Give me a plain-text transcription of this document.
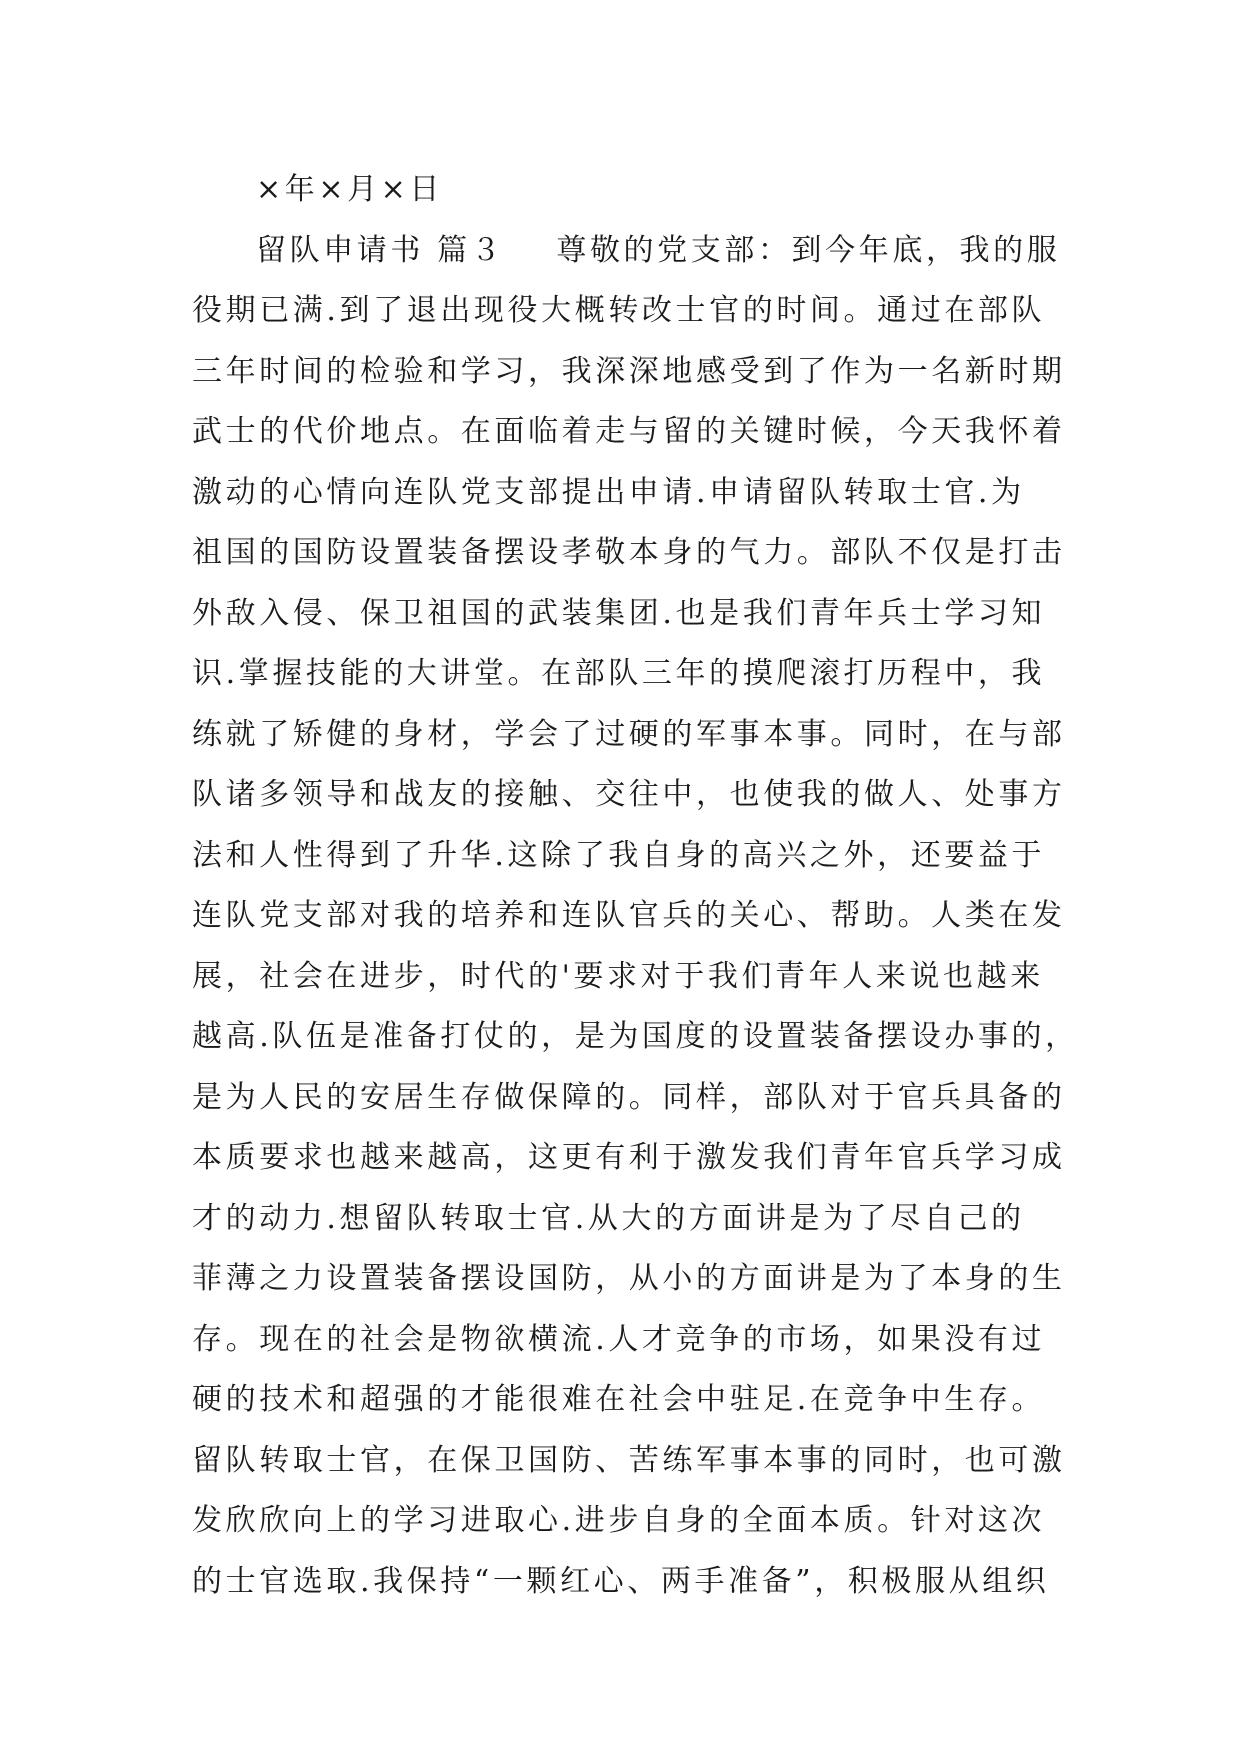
×年×月×日
留队申请书 篇３ 尊敬的党支部：到今年底，我的服
役期已满.到了退出现役大概转改士官的时间。通过在部队
三年时间的检验和学习，我深深地感受到了作为一名新时期
武士的代价地点。在面临着走与留的关键时候，今天我怀着
激动的心情向连队党支部提出申请.申请留队转取士官.为
祖国的国防设置装备摆设孝敬本身的气力。部队不仅是打击
外敌入侵、保卫祖国的武装集团.也是我们青年兵士学习知
识.掌握技能的大讲堂。在部队三年的摸爬滚打历程中，我
练就了矫健的身材，学会了过硬的军事本事。同时，在与部
队诸多领导和战友的接触、交往中，也使我的做人、处事方
法和人性得到了升华.这除了我自身的高兴之外，还要益于
连队党支部对我的培养和连队官兵的关心、帮助。人类在发
展，社会在进步，时代的'要求对于我们青年人来说也越来
越高.队伍是准备打仗的，是为国度的设置装备摆设办事的，
是为人民的安居生存做保障的。同样，部队对于官兵具备的
本质要求也越来越高，这更有利于激发我们青年官兵学习成
才的动力.想留队转取士官.从大的方面讲是为了尽自己的
菲薄之力设置装备摆设国防，从小的方面讲是为了本身的生
存。现在的社会是物欲横流.人才竞争的市场，如果没有过
硬的技术和超强的才能很难在社会中驻足.在竞争中生存。
留队转取士官，在保卫国防、苦练军事本事的同时，也可激
发欣欣向上的学习进取心.进步自身的全面本质。针对这次
的士官选取.我保持“一颗红心、两手准备”，积极服从组织
